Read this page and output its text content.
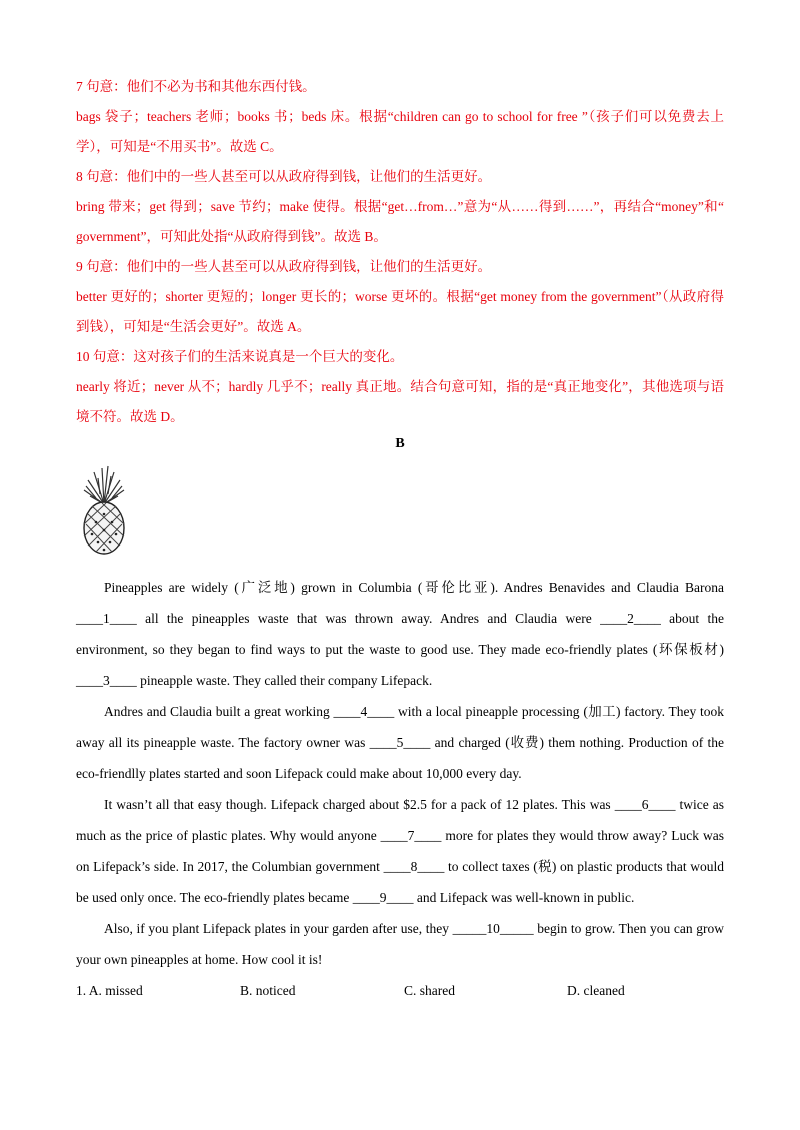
7 句意：他们不必为书和其他东西付钱。

bags 袋子；teachers 老师；books 书；beds 床。根据“children can go to school for free ”（孩子们可以免费去上学），可知是“不用买书”。故选 C。

8 句意：他们中的一些人甚至可以从政府得到钱，让他们的生活更好。

bring 带来；get 得到；save 节约；make 使得。根据“get…from…”意为“从……得到……”，再结合“money”和“ government”，可知此处指“从政府得到钱”。故选 B。

9 句意：他们中的一些人甚至可以从政府得到钱，让他们的生活更好。

better 更好的；shorter 更短的；longer 更长的；worse 更坏的。根据“get money from the government”（从政府得到钱），可知是“生活会更好”。故选 A。

10 句意：这对孩子们的生活来说真是一个巨大的变化。

nearly 将近；never 从不；hardly 几乎不；really 真正地。结合句意可知，指的是“真正地变化”，其他选项与语境不符。故选 D。

B

Pineapples are widely (广泛地) grown in Columbia (哥伦比亚). Andres Benavides and Claudia Barona ____1____ all the pineapples waste that was thrown away. Andres and Claudia were ____2____ about the environment, so they began to find ways to put the waste to good use. They made eco-friendly plates (环保板材) ____3____ pineapple waste. They called their company Lifepack.

Andres and Claudia built a great working ____4____ with a local pineapple processing (加工) factory. They took away all its pineapple waste. The factory owner was ____5____ and charged (收费) them nothing. Production of the eco-friendlly plates started and soon Lifepack could make about 10,000 every day.

It wasn’t all that easy though. Lifepack charged about $2.5 for a pack of 12 plates. This was ____6____ twice as much as the price of plastic plates. Why would anyone ____7____ more for plates they would throw away? Luck was on Lifepack’s side. In 2017, the Columbian government ____8____ to collect taxes (税) on plastic products that would be used only once. The eco-friendly plates became ____9____ and Lifepack was well-known in public.

Also, if you plant Lifepack plates in your garden after use, they _____10_____ begin to grow. Then you can grow your own pineapples at home. How cool it is!

1. A. missed	B. noticed	C. shared	D. cleaned
